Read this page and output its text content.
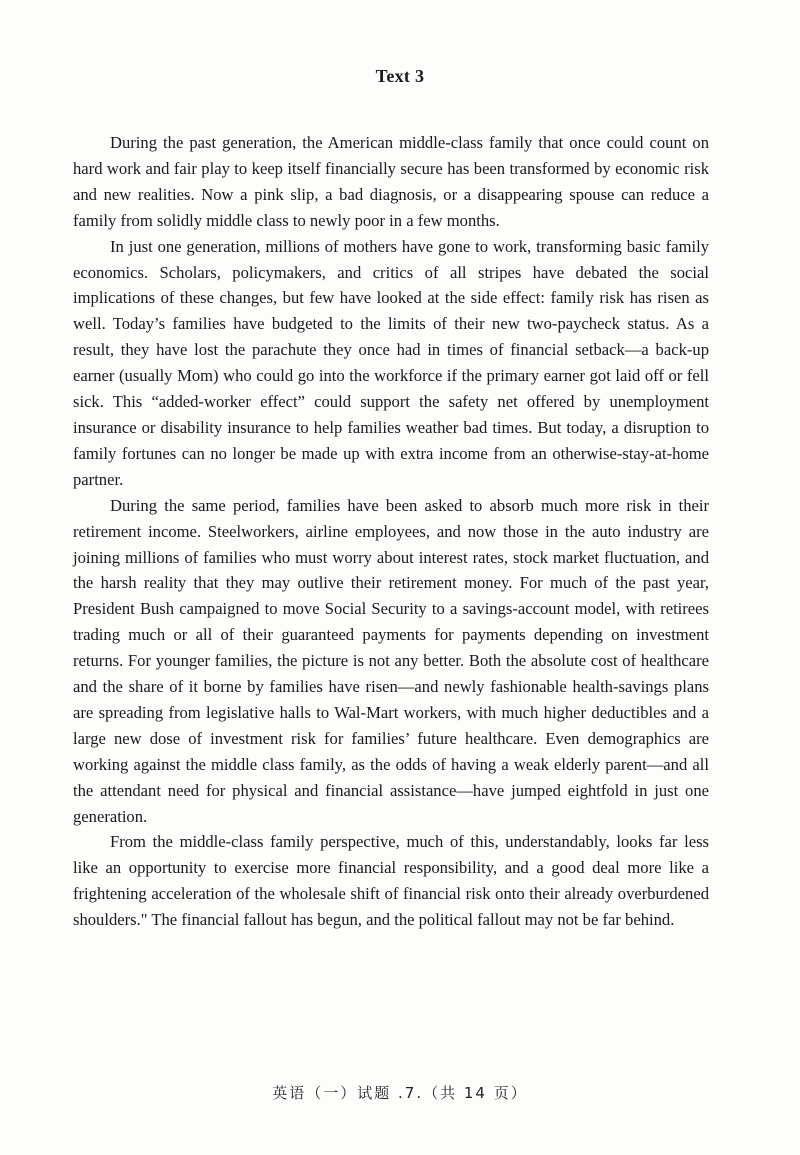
Text 3

During the past generation, the American middle-class family that once could count on hard work and fair play to keep itself financially secure has been transformed by economic risk and new realities. Now a pink slip, a bad diagnosis, or a disappearing spouse can reduce a family from solidly middle class to newly poor in a few months.

In just one generation, millions of mothers have gone to work, transforming basic family economics. Scholars, policymakers, and critics of all stripes have debated the social implications of these changes, but few have looked at the side effect: family risk has risen as well. Today’s families have budgeted to the limits of their new two-paycheck status. As a result, they have lost the parachute they once had in times of financial setback—a back-up earner (usually Mom) who could go into the workforce if the primary earner got laid off or fell sick. This “added-worker effect” could support the safety net offered by unemployment insurance or disability insurance to help families weather bad times. But today, a disruption to family fortunes can no longer be made up with extra income from an otherwise-stay-at-home partner.

During the same period, families have been asked to absorb much more risk in their retirement income. Steelworkers, airline employees, and now those in the auto industry are joining millions of families who must worry about interest rates, stock market fluctuation, and the harsh reality that they may outlive their retirement money. For much of the past year, President Bush campaigned to move Social Security to a savings-account model, with retirees trading much or all of their guaranteed payments for payments depending on investment returns. For younger families, the picture is not any better. Both the absolute cost of healthcare and the share of it borne by families have risen—and newly fashionable health-savings plans are spreading from legislative halls to Wal-Mart workers, with much higher deductibles and a large new dose of investment risk for families’ future healthcare. Even demographics are working against the middle class family, as the odds of having a weak elderly parent—and all the attendant need for physical and financial assistance—have jumped eightfold in just one generation.

From the middle-class family perspective, much of this, understandably, looks far less like an opportunity to exercise more financial responsibility, and a good deal more like a frightening acceleration of the wholesale shift of financial risk onto their already overburdened shoulders." The financial fallout has begun, and the political fallout may not be far behind.

英语（一）试题 .7.（共 14 页）
